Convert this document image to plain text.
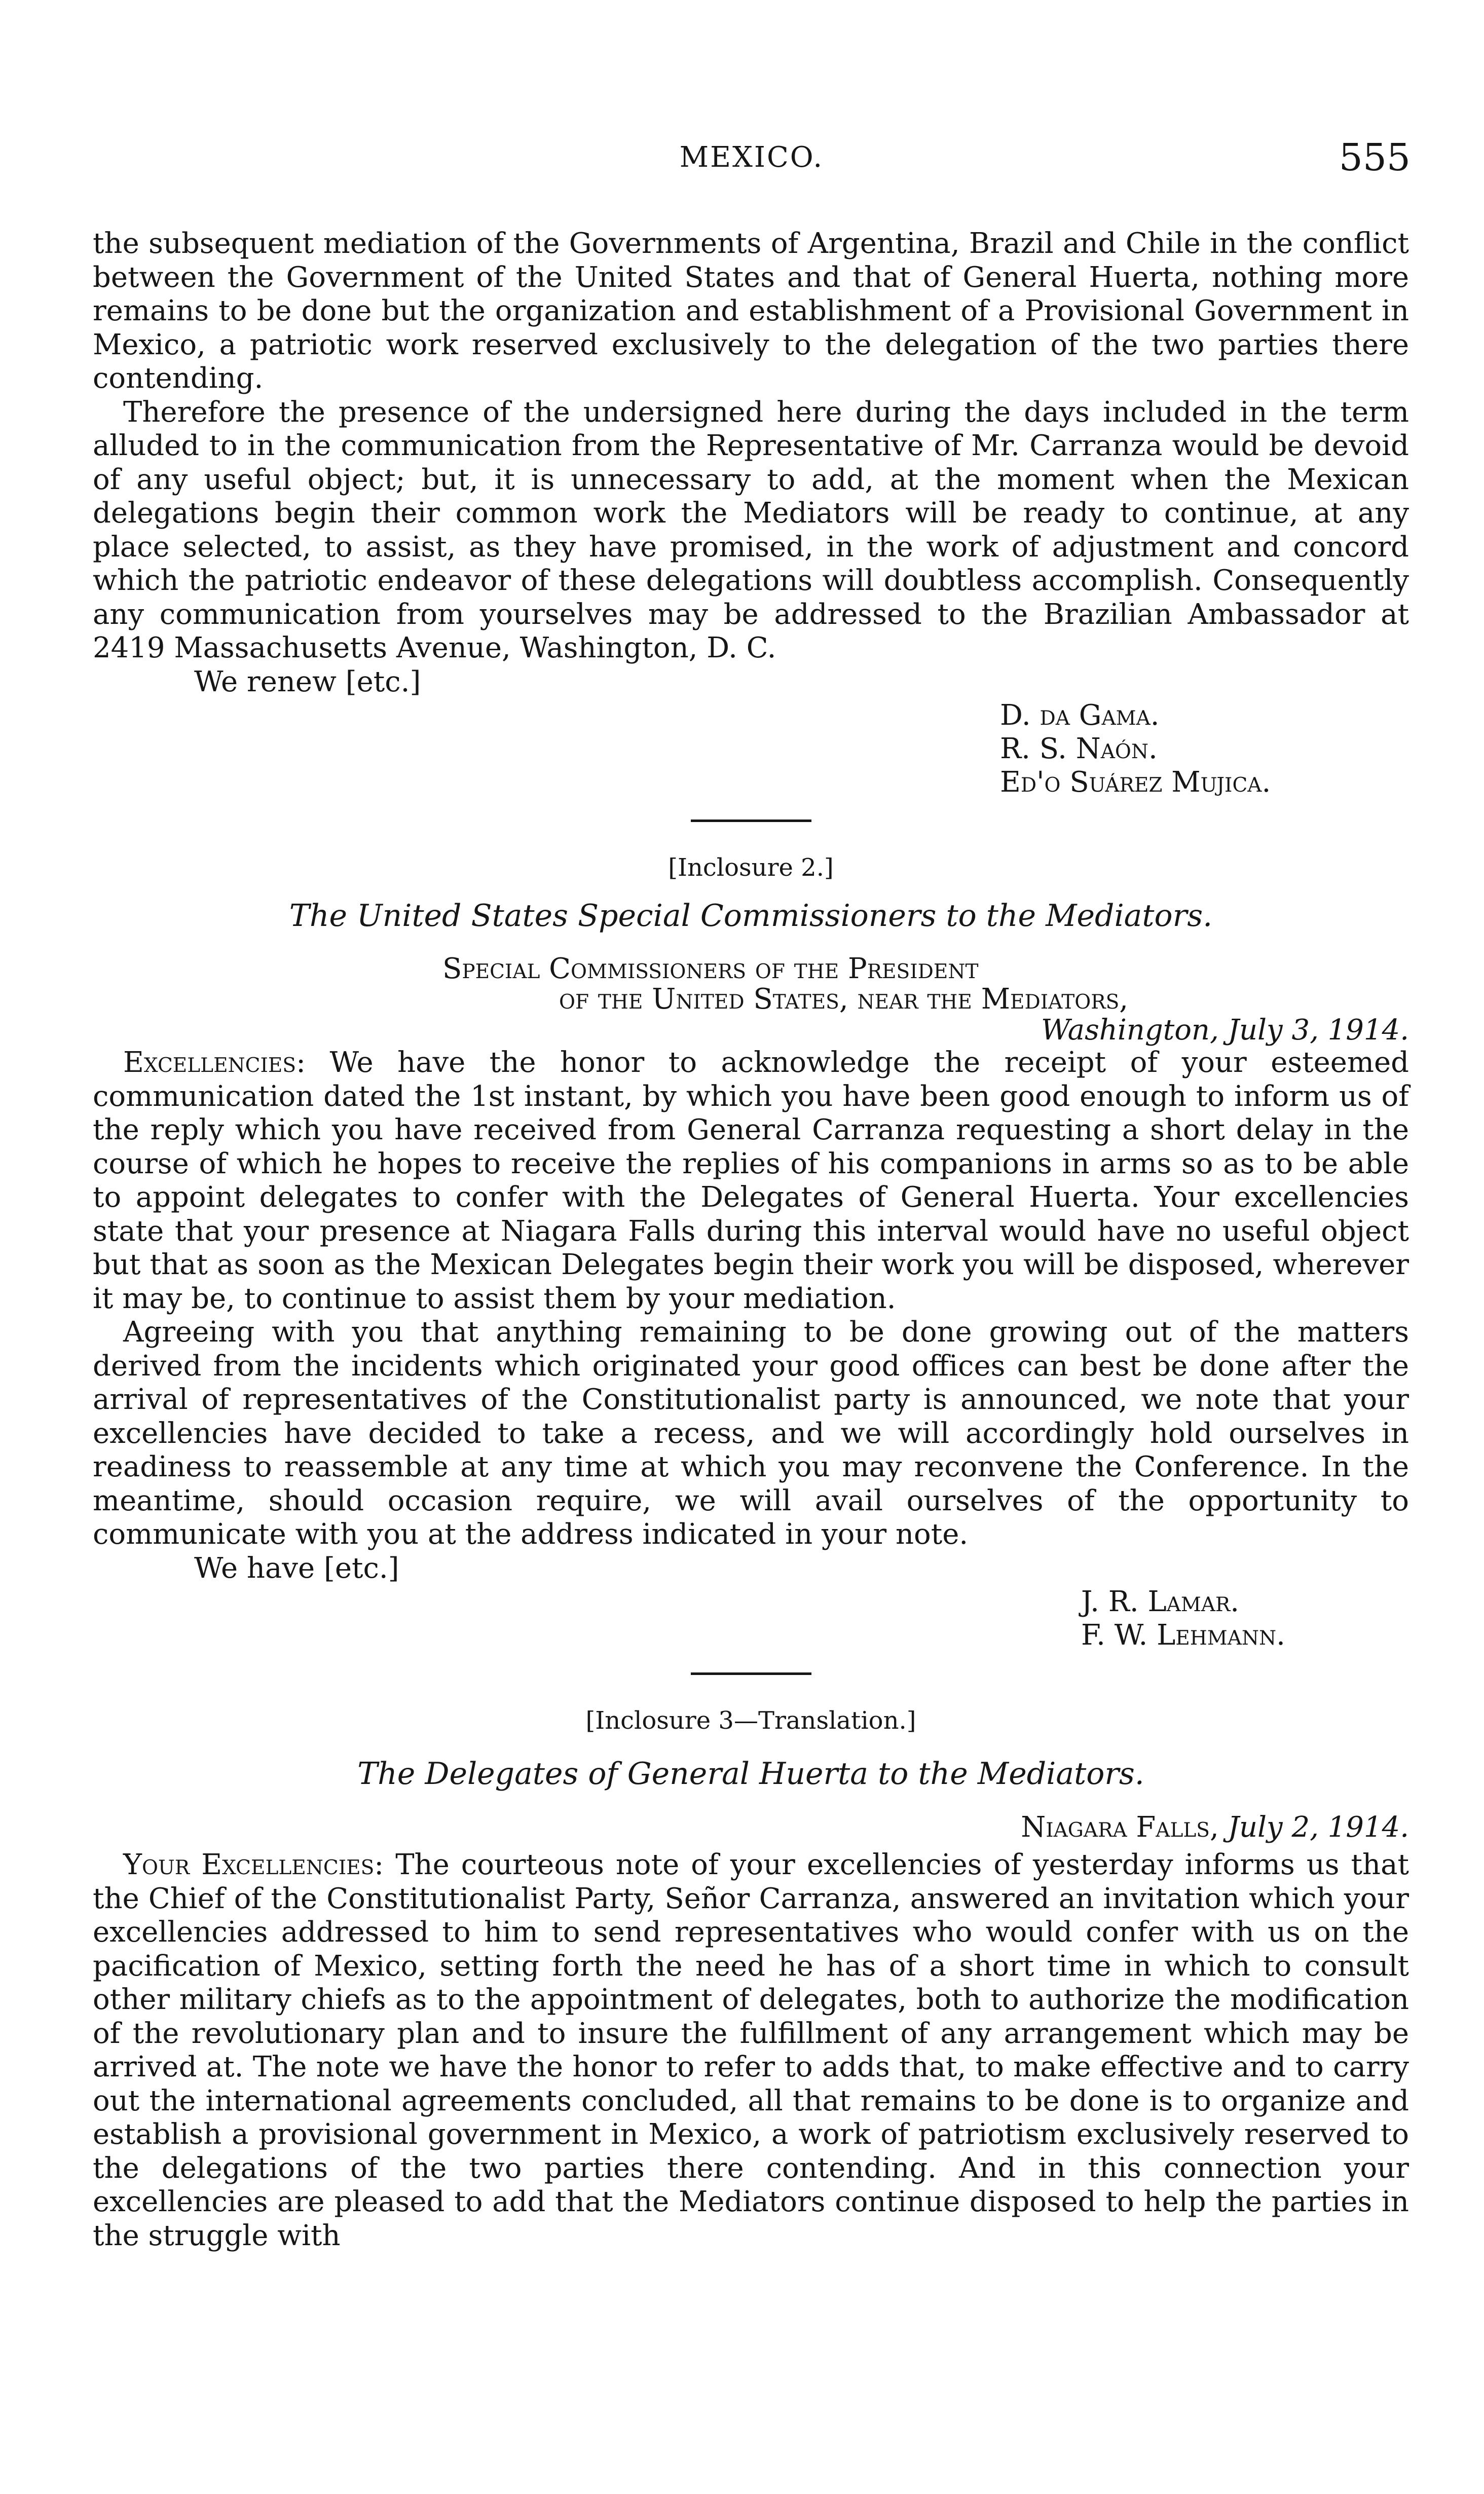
MEXICO.	555

the subsequent mediation of the Governments of Argentina, Brazil and Chile in the conflict between the Government of the United States and that of General Huerta, nothing more remains to be done but the organization and establishment of a Provisional Government in Mexico, a patriotic work reserved exclusively to the delegation of the two parties there contending.

Therefore the presence of the undersigned here during the days included in the term alluded to in the communication from the Representative of Mr. Carranza would be devoid of any useful object; but, it is unnecessary to add, at the moment when the Mexican delegations begin their common work the Mediators will be ready to continue, at any place selected, to assist, as they have promised, in the work of adjustment and concord which the patriotic endeavor of these delegations will doubtless accomplish. Consequently any communication from yourselves may be addressed to the Brazilian Ambassador at 2419 Massachusetts Avenue, Washington, D. C.

We renew [etc.]

D. da Gama.
R. S. Naón.
Ed'o Suárez Mujica.
[Inclosure 2.]
The United States Special Commissioners to the Mediators.
Special Commissioners of the President
of the United States, near the Mediators,
Washington, July 3, 1914.

Excellencies: We have the honor to acknowledge the receipt of your esteemed communication dated the 1st instant, by which you have been good enough to inform us of the reply which you have received from General Carranza requesting a short delay in the course of which he hopes to receive the replies of his companions in arms so as to be able to appoint delegates to confer with the Delegates of General Huerta. Your excellencies state that your presence at Niagara Falls during this interval would have no useful object but that as soon as the Mexican Delegates begin their work you will be disposed, wherever it may be, to continue to assist them by your mediation.

Agreeing with you that anything remaining to be done growing out of the matters derived from the incidents which originated your good offices can best be done after the arrival of representatives of the Constitutionalist party is announced, we note that your excellencies have decided to take a recess, and we will accordingly hold ourselves in readiness to reassemble at any time at which you may reconvene the Conference. In the meantime, should occasion require, we will avail ourselves of the opportunity to communicate with you at the address indicated in your note.

We have [etc.]

J. R. Lamar.
F. W. Lehmann.
[Inclosure 3—Translation.]
The Delegates of General Huerta to the Mediators.
Niagara Falls, July 2, 1914.

Your Excellencies: The courteous note of your excellencies of yesterday informs us that the Chief of the Constitutionalist Party, Señor Carranza, answered an invitation which your excellencies addressed to him to send representatives who would confer with us on the pacification of Mexico, setting forth the need he has of a short time in which to consult other military chiefs as to the appointment of delegates, both to authorize the modification of the revolutionary plan and to insure the fulfillment of any arrangement which may be arrived at. The note we have the honor to refer to adds that, to make effective and to carry out the international agreements concluded, all that remains to be done is to organize and establish a provisional government in Mexico, a work of patriotism exclusively reserved to the delegations of the two parties there contending. And in this connection your excellencies are pleased to add that the Mediators continue disposed to help the parties in the struggle with
